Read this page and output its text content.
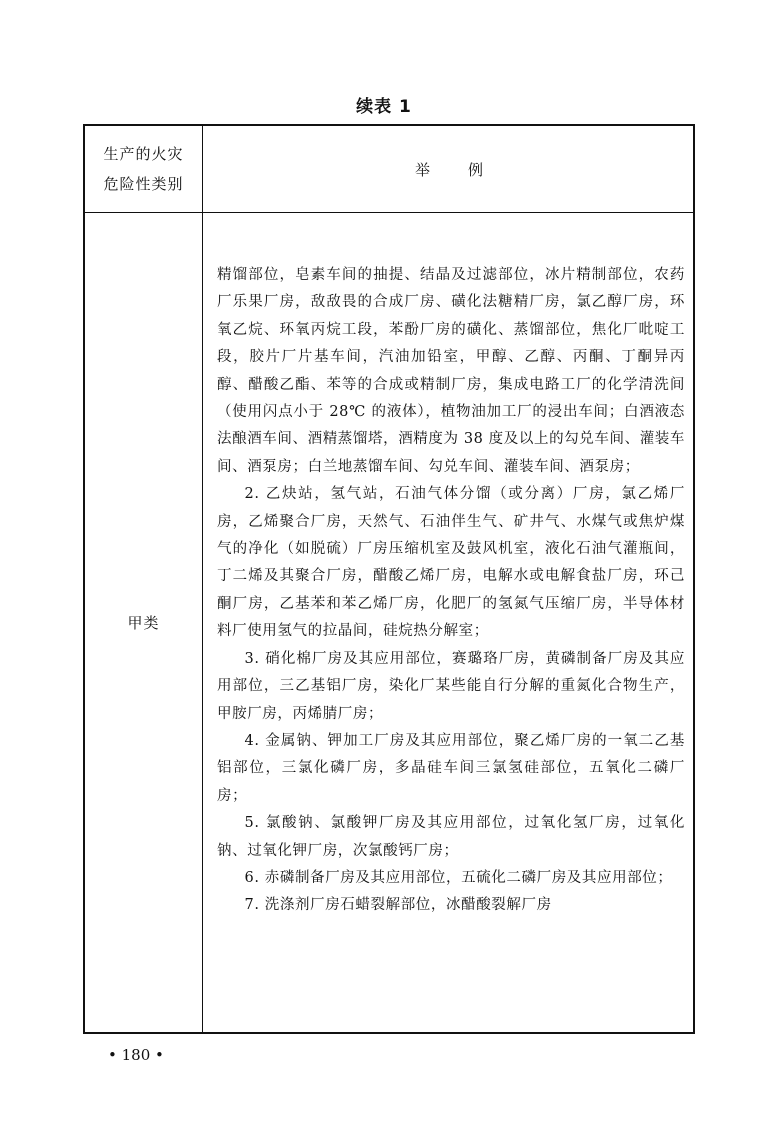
续表 1
生产的火灾
危险性类别
举	例
甲类

精馏部位，皂素车间的抽提、结晶及过滤部位，冰片精制部位，农药厂乐果厂房，敌敌畏的合成厂房、磺化法糖精厂房，氯乙醇厂房，环氧乙烷、环氧丙烷工段，苯酚厂房的磺化、蒸馏部位，焦化厂吡啶工段，胶片厂片基车间，汽油加铅室，甲醇、乙醇、丙酮、丁酮异丙醇、醋酸乙酯、苯等的合成或精制厂房，集成电路工厂的化学清洗间（使用闪点小于 28℃ 的液体），植物油加工厂的浸出车间；白酒液态法酿酒车间、酒精蒸馏塔，酒精度为 38 度及以上的勾兑车间、灌装车间、酒泵房；白兰地蒸馏车间、勾兑车间、灌装车间、酒泵房；

2. 乙炔站，氢气站，石油气体分馏（或分离）厂房，氯乙烯厂房，乙烯聚合厂房，天然气、石油伴生气、矿井气、水煤气或焦炉煤气的净化（如脱硫）厂房压缩机室及鼓风机室，液化石油气灌瓶间，丁二烯及其聚合厂房，醋酸乙烯厂房，电解水或电解食盐厂房，环己酮厂房，乙基苯和苯乙烯厂房，化肥厂的氢氮气压缩厂房，半导体材料厂使用氢气的拉晶间，硅烷热分解室；

3. 硝化棉厂房及其应用部位，赛璐珞厂房，黄磷制备厂房及其应用部位，三乙基铝厂房，染化厂某些能自行分解的重氮化合物生产，甲胺厂房，丙烯腈厂房；

4. 金属钠、钾加工厂房及其应用部位，聚乙烯厂房的一氧二乙基铝部位，三氯化磷厂房，多晶硅车间三氯氢硅部位，五氧化二磷厂房；

5. 氯酸钠、氯酸钾厂房及其应用部位，过氧化氢厂房，过氧化钠、过氧化钾厂房，次氯酸钙厂房；

6. 赤磷制备厂房及其应用部位，五硫化二磷厂房及其应用部位；

7. 洗涤剂厂房石蜡裂解部位，冰醋酸裂解厂房

• 180 •
